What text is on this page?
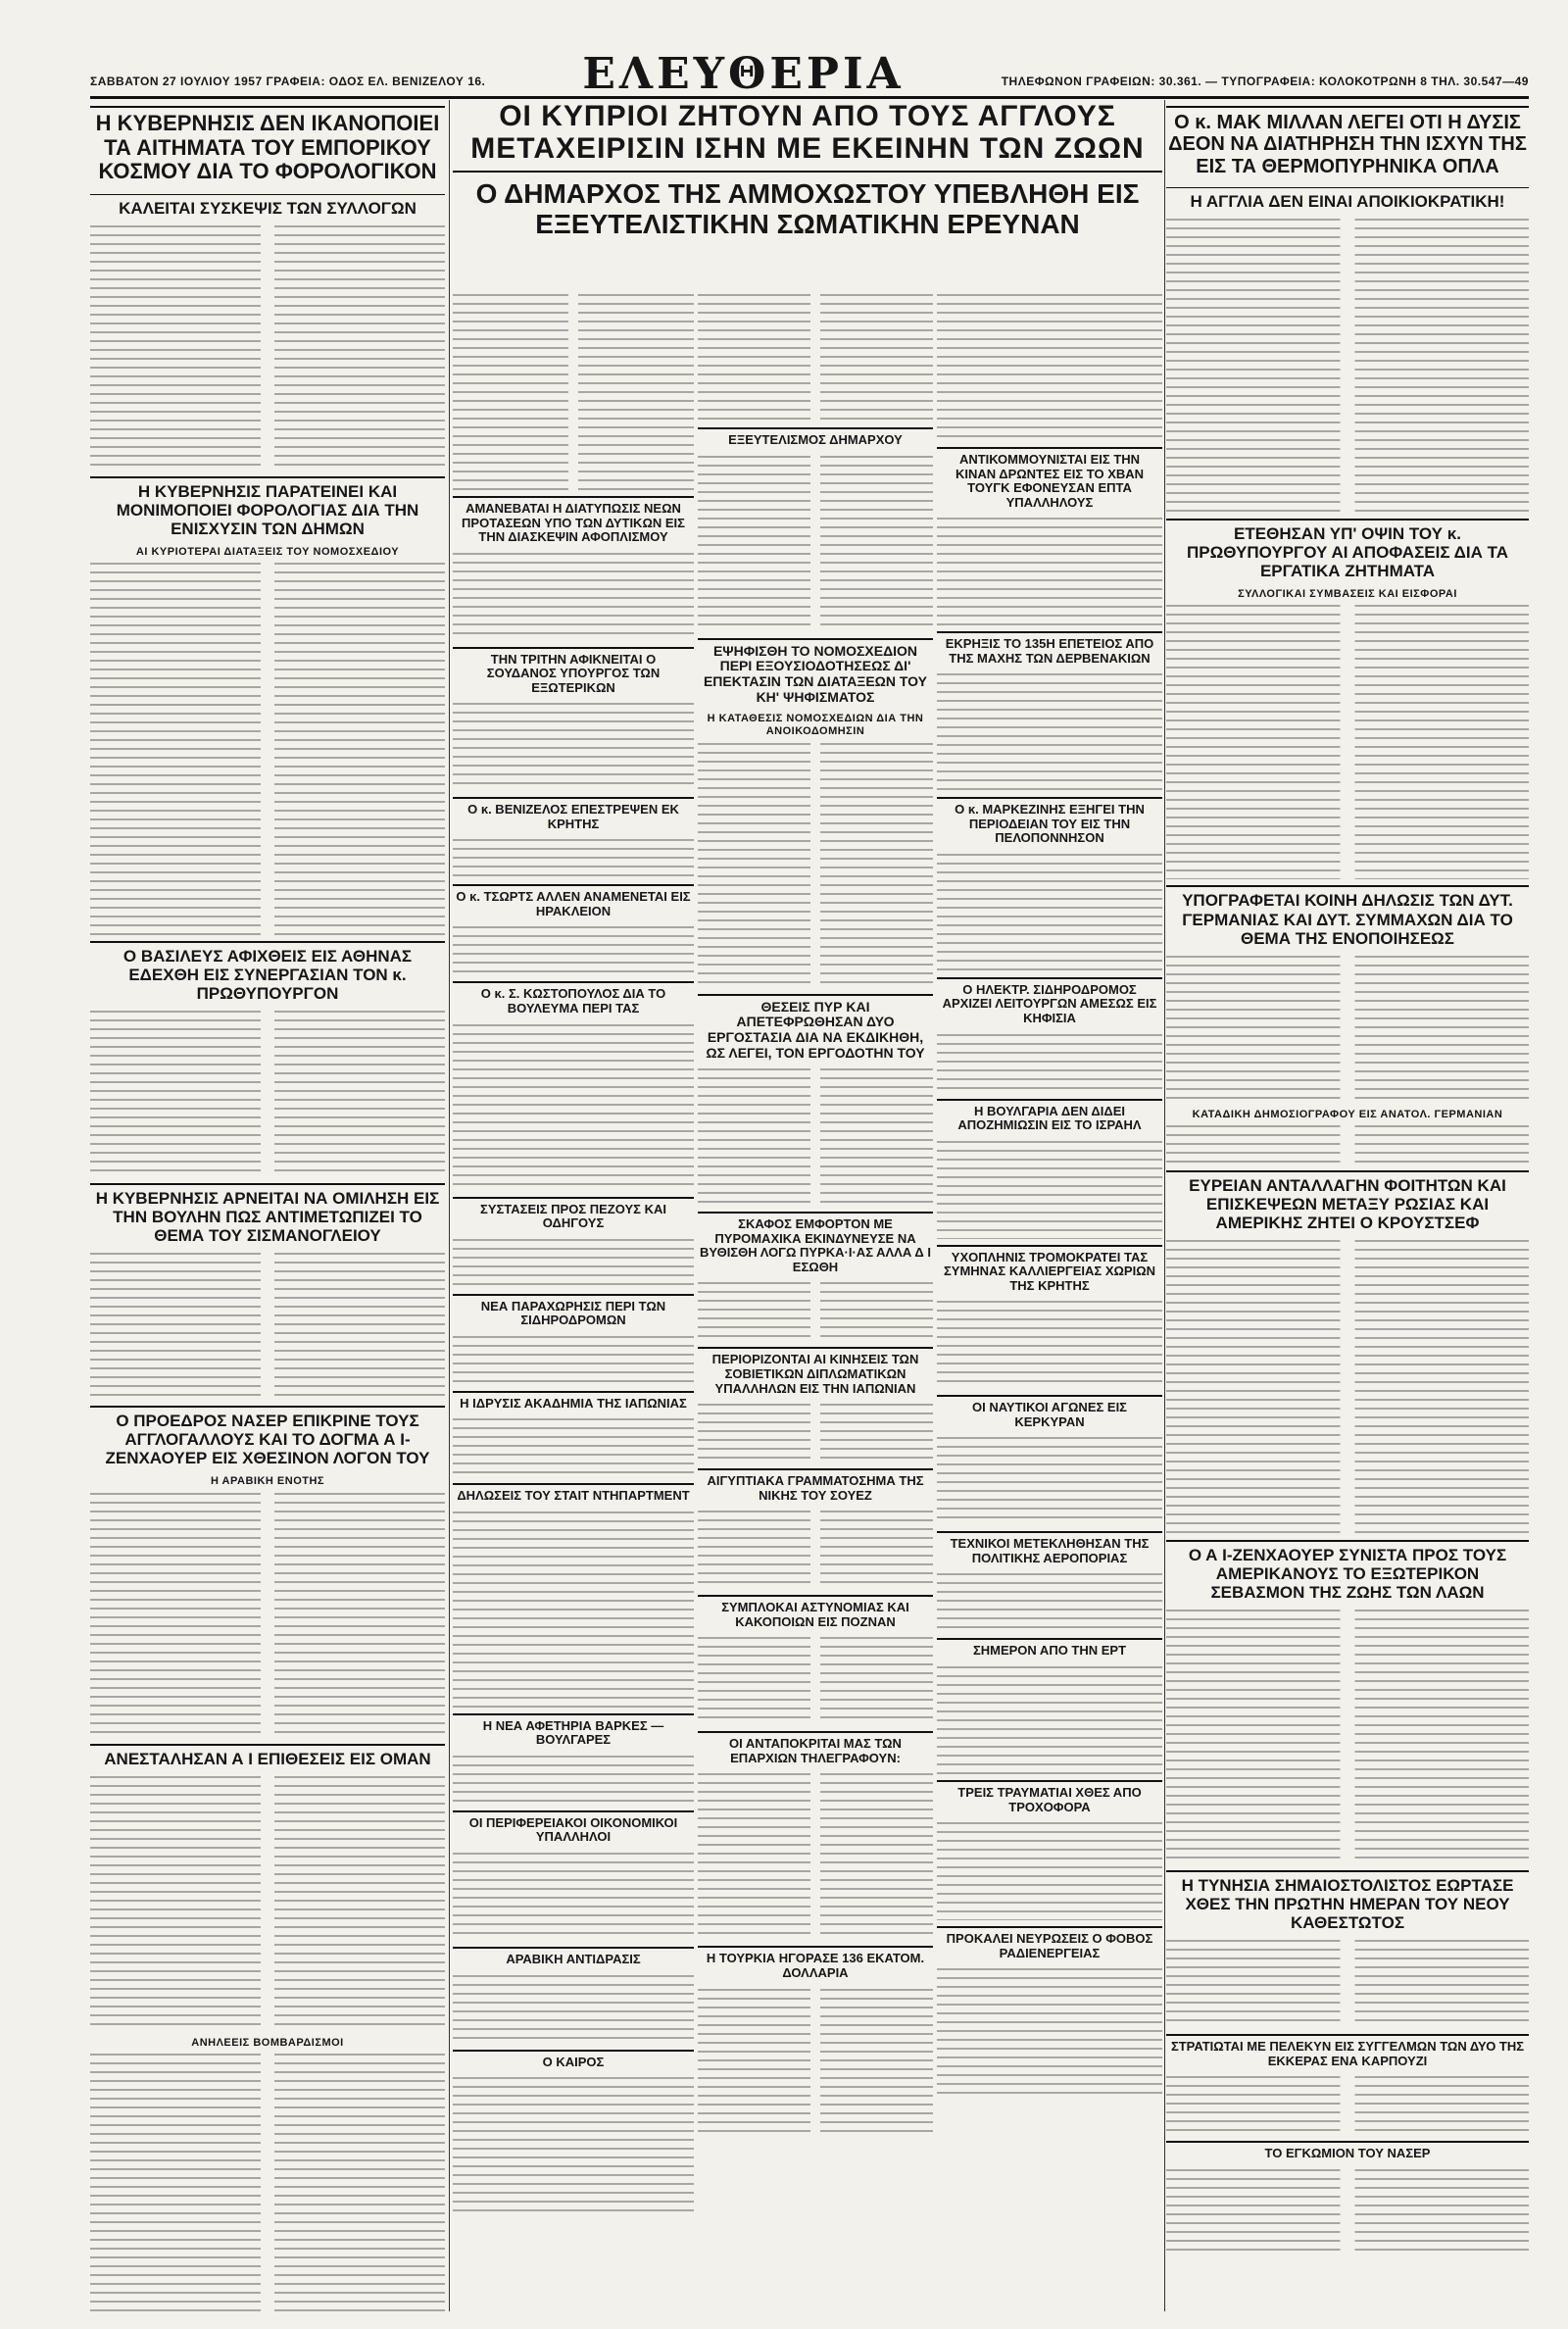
ΣΑΒΒΑΤΟΝ 27 ΙΟΥΛΙΟΥ 1957 ΓΡΑΦΕΙΑ: ΟΔΟΣ ΕΛ. ΒΕΝΙΖΕΛΟΥ 16. ΕΛΕΥΘΕΡΙΑ	ΤΗΛΕΦΩΝΟΝ ΓΡΑΦΕΙΩΝ: 30.361. — ΤΥΠΟΓΡΑΦΕΙΑ: ΚΟΛΟΚΟΤΡΩΝΗ 8 ΤΗΛ. 30.547—49
Η ΚΥΒΕΡΝΗΣΙΣ ΔΕΝ ΙΚΑΝΟΠΟΙΕΙ ΤΑ ΑΙΤΗΜΑΤΑ ΤΟΥ ΕΜΠΟΡΙΚΟΥ ΚΟΣΜΟΥ ΔΙΑ ΤΟ ΦΟΡΟΛΟΓΙΚΟΝ
ΚΑΛΕΙΤΑΙ ΣΥΣΚΕΨΙΣ ΤΩΝ ΣΥΛΛΟΓΩΝ
Η ΚΥΒΕΡΝΗΣΙΣ ΠΑΡΑΤΕΙΝΕΙ ΚΑΙ ΜΟΝΙΜΟΠΟΙΕΙ ΦΟΡΟΛΟΓΙΑΣ ΔΙΑ ΤΗΝ ΕΝΙΣΧΥΣΙΝ ΤΩΝ ΔΗΜΩΝ
ΑΙ ΚΥΡΙΟΤΕΡΑΙ ΔΙΑΤΑΞΕΙΣ ΤΟΥ ΝΟΜΟΣΧΕΔΙΟΥ
Ο ΒΑΣΙΛΕΥΣ ΑΦΙΧΘΕΙΣ ΕΙΣ ΑΘΗΝΑΣ ΕΔΕΧΘΗ ΕΙΣ ΣΥΝΕΡΓΑΣΙΑΝ ΤΟΝ κ. ΠΡΩΘΥΠΟΥΡΓΟΝ
Η ΚΥΒΕΡΝΗΣΙΣ ΑΡΝΕΙΤΑΙ ΝΑ ΟΜΙΛΗΣΗ ΕΙΣ ΤΗΝ ΒΟΥΛΗΝ ΠΩΣ ΑΝΤΙΜΕΤΩΠΙΖΕΙ ΤΟ ΘΕΜΑ ΤΟΥ ΣΙΣΜΑΝΟΓΛΕΙΟΥ
Ο ΠΡΟΕΔΡΟΣ ΝΑΣΕΡ ΕΠΙΚΡΙΝΕ ΤΟΥΣ ΑΓΓΛΟΓΑΛΛΟΥΣ ΚΑΙ ΤΟ ΔΟΓΜΑ Α Ι-ΖΕΝΧΑΟΥΕΡ ΕΙΣ ΧΘΕΣΙΝΟΝ ΛΟΓΟΝ ΤΟΥ
Η ΑΡΑΒΙΚΗ ΕΝΟΤΗΣ
ΑΝΕΣΤΑΛΗΣΑΝ Α Ι ΕΠΙΘΕΣΕΙΣ ΕΙΣ ΟΜΑΝ
ΑΝΗΛΕΕΙΣ ΒΟΜΒΑΡΔΙΣΜΟΙ
ΟΙ ΚΥΠΡΙΟΙ ΖΗΤΟΥΝ ΑΠΟ ΤΟΥΣ ΑΓΓΛΟΥΣ ΜΕΤΑΧΕΙΡΙΣΙΝ ΙΣΗΝ ΜΕ ΕΚΕΙΝΗΝ ΤΩΝ ΖΩΩΝ
Ο ΔΗΜΑΡΧΟΣ ΤΗΣ ΑΜΜΟΧΩΣΤΟΥ ΥΠΕΒΛΗΘΗ ΕΙΣ ΕΞΕΥΤΕΛΙΣΤΙΚΗΝ ΣΩΜΑΤΙΚΗΝ ΕΡΕΥΝΑΝ
ΑΜΑΝΕΒΑΤΑΙ Η ΔΙΑΤΥΠΩΣΙΣ ΝΕΩΝ ΠΡΟΤΑΣΕΩΝ ΥΠΟ ΤΩΝ ΔΥΤΙΚΩΝ ΕΙΣ ΤΗΝ ΔΙΑΣΚΕΨΙΝ ΑΦΟΠΛΙΣΜΟΥ
ΤΗΝ ΤΡΙΤΗΝ ΑΦΙΚΝΕΙΤΑΙ Ο ΣΟΥΔΑΝΟΣ ΥΠΟΥΡΓΟΣ ΤΩΝ ΕΞΩΤΕΡΙΚΩΝ
Ο κ. ΒΕΝΙΖΕΛΟΣ ΕΠΕΣΤΡΕΨΕΝ ΕΚ ΚΡΗΤΗΣ
Ο κ. ΤΣΩΡΤΣ ΑΛΛΕΝ ΑΝΑΜΕΝΕΤΑΙ ΕΙΣ ΗΡΑΚΛΕΙΟΝ
Ο κ. Σ. ΚΩΣΤΟΠΟΥΛΟΣ ΔΙΑ ΤΟ ΒΟΥΛΕΥΜΑ ΠΕΡΙ ΤΑΣ
ΣΥΣΤΑΣΕΙΣ ΠΡΟΣ ΠΕΖΟΥΣ ΚΑΙ ΟΔΗΓΟΥΣ
ΝΕΑ ΠΑΡΑΧΩΡΗΣΙΣ ΠΕΡΙ ΤΩΝ ΣΙΔΗΡΟΔΡΟΜΩΝ
Η ΙΔΡΥΣΙΣ ΑΚΑΔΗΜΙΑ ΤΗΣ ΙΑΠΩΝΙΑΣ
ΔΗΛΩΣΕΙΣ ΤΟΥ ΣΤΑΙΤ ΝΤΗΠΑΡΤΜΕΝΤ
Η ΝΕΑ ΑΦΕΤΗΡΙΑ ΒΑΡΚΕΣ — ΒΟΥΛΓΑΡΕΣ
ΟΙ ΠΕΡΙΦΕΡΕΙΑΚΟΙ ΟΙΚΟΝΟΜΙΚΟΙ ΥΠΑΛΛΗΛΟΙ
ΑΡΑΒΙΚΗ ΑΝΤΙΔΡΑΣΙΣ
Ο ΚΑΙΡΟΣ
ΕΞΕΥΤΕΛΙΣΜΟΣ ΔΗΜΑΡΧΟΥ
ΕΨΗΦΙΣΘΗ ΤΟ ΝΟΜΟΣΧΕΔΙΟΝ ΠΕΡΙ ΕΞΟΥΣΙΟΔΟΤΗΣΕΩΣ ΔΙ' ΕΠΕΚΤΑΣΙΝ ΤΩΝ ΔΙΑΤΑΞΕΩΝ ΤΟΥ ΚΗ' ΨΗΦΙΣΜΑΤΟΣ
Η ΚΑΤΑΘΕΣΙΣ ΝΟΜΟΣΧΕΔΙΩΝ ΔΙΑ ΤΗΝ ΑΝΟΙΚΟΔΟΜΗΣΙΝ
ΘΕΣΕΙΣ ΠΥΡ ΚΑΙ ΑΠΕΤΕΦΡΩΘΗΣΑΝ ΔΥΟ ΕΡΓΟΣΤΑΣΙΑ ΔΙΑ ΝΑ ΕΚΔΙΚΗΘΗ, ΩΣ ΛΕΓΕΙ, ΤΟΝ ΕΡΓΟΔΟΤΗΝ ΤΟΥ
ΣΚΑΦΟΣ ΕΜΦΟΡΤΟΝ ΜΕ ΠΥΡΟΜΑΧΙΚΑ ΕΚΙΝΔΥΝΕΥΣΕ ΝΑ ΒΥΘΙΣΘΗ ΛΟΓΩ ΠΥΡΚΑ·Ι·ΑΣ ΑΛΛΑ Δ Ι ΕΣΩΘΗ
ΠΕΡΙΟΡΙΖΟΝΤΑΙ ΑΙ ΚΙΝΗΣΕΙΣ ΤΩΝ ΣΟΒΙΕΤΙΚΩΝ ΔΙΠΛΩΜΑΤΙΚΩΝ ΥΠΑΛΛΗΛΩΝ ΕΙΣ ΤΗΝ ΙΑΠΩΝΙΑΝ
ΑΙΓΥΠΤΙΑΚΑ ΓΡΑΜΜΑΤΟΣΗΜΑ ΤΗΣ ΝΙΚΗΣ ΤΟΥ ΣΟΥΕΖ
ΣΥΜΠΛΟΚΑΙ ΑΣΤΥΝΟΜΙΑΣ ΚΑΙ ΚΑΚΟΠΟΙΩΝ ΕΙΣ ΠΟΖΝΑΝ
ΟΙ ΑΝΤΑΠΟΚΡΙΤΑΙ ΜΑΣ ΤΩΝ ΕΠΑΡΧΙΩΝ ΤΗΛΕΓΡΑΦΟΥΝ:
Η ΤΟΥΡΚΙΑ ΗΓΟΡΑΣΕ 136 ΕΚΑΤΟΜ. ΔΟΛΛΑΡΙΑ
ΑΝΤΙΚΟΜΜΟΥΝΙΣΤΑΙ ΕΙΣ ΤΗΝ ΚΙΝΑΝ ΔΡΩΝΤΕΣ ΕΙΣ ΤΟ ΧΒΑΝ ΤΟΥΓΚ ΕΦΟΝΕΥΣΑΝ ΕΠΤΑ ΥΠΑΛΛΗΛΟΥΣ
ΕΚΡΗΞΙΣ ΤΟ 135Η ΕΠΕΤΕΙΟΣ ΑΠΟ ΤΗΣ ΜΑΧΗΣ ΤΩΝ ΔΕΡΒΕΝΑΚΙΩΝ
Ο κ. ΜΑΡΚΕΖΙΝΗΣ ΕΞΗΓΕΙ ΤΗΝ ΠΕΡΙΟΔΕΙΑΝ ΤΟΥ ΕΙΣ ΤΗΝ ΠΕΛΟΠΟΝΝΗΣΟΝ
Ο ΗΛΕΚΤΡ. ΣΙΔΗΡΟΔΡΟΜΟΣ ΑΡΧΙΖΕΙ ΛΕΙΤΟΥΡΓΩΝ ΑΜΕΣΩΣ ΕΙΣ ΚΗΦΙΣΙΑ
Η ΒΟΥΛΓΑΡΙΑ ΔΕΝ ΔΙΔΕΙ ΑΠΟΖΗΜΙΩΣΙΝ ΕΙΣ ΤΟ ΙΣΡΑΗΛ
ΥΧΟΠΛΗΝΙΣ ΤΡΟΜΟΚΡΑΤΕΙ ΤΑΣ ΣΥΜΗΝΑΣ ΚΑΛΛΙΕΡΓΕΙΑΣ ΧΩΡΙΩΝ ΤΗΣ ΚΡΗΤΗΣ
ΟΙ ΝΑΥΤΙΚΟΙ ΑΓΩΝΕΣ ΕΙΣ ΚΕΡΚΥΡΑΝ
ΤΕΧΝΙΚΟΙ ΜΕΤΕΚΛΗΘΗΣΑΝ ΤΗΣ ΠΟΛΙΤΙΚΗΣ ΑΕΡΟΠΟΡΙΑΣ
ΣΗΜΕΡΟΝ ΑΠΟ ΤΗΝ ΕΡΤ
ΤΡΕΙΣ ΤΡΑΥΜΑΤΙΑΙ ΧΘΕΣ ΑΠΟ ΤΡΟΧΟΦΟΡΑ
ΠΡΟΚΑΛΕΙ ΝΕΥΡΩΣΕΙΣ Ο ΦΟΒΟΣ ΡΑΔΙΕΝΕΡΓΕΙΑΣ
Ο κ. ΜΑΚ ΜΙΛΛΑΝ ΛΕΓΕΙ ΟΤΙ Η ΔΥΣΙΣ ΔΕΟΝ ΝΑ ΔΙΑΤΗΡΗΣΗ ΤΗΝ ΙΣΧΥΝ ΤΗΣ ΕΙΣ ΤΑ ΘΕΡΜΟΠΥΡΗΝΙΚΑ ΟΠΛΑ
Η ΑΓΓΛΙΑ ΔΕΝ ΕΙΝΑΙ ΑΠΟΙΚΙΟΚΡΑΤΙΚΗ!
ΕΤΕΘΗΣΑΝ ΥΠ' ΟΨΙΝ ΤΟΥ κ. ΠΡΩΘΥΠΟΥΡΓΟΥ ΑΙ ΑΠΟΦΑΣΕΙΣ ΔΙΑ ΤΑ ΕΡΓΑΤΙΚΑ ΖΗΤΗΜΑΤΑ
ΣΥΛΛΟΓΙΚΑΙ ΣΥΜΒΑΣΕΙΣ ΚΑΙ ΕΙΣΦΟΡΑΙ
ΥΠΟΓΡΑΦΕΤΑΙ ΚΟΙΝΗ ΔΗΛΩΣΙΣ ΤΩΝ ΔΥΤ. ΓΕΡΜΑΝΙΑΣ ΚΑΙ ΔΥΤ. ΣΥΜΜΑΧΩΝ ΔΙΑ ΤΟ ΘΕΜΑ ΤΗΣ ΕΝΟΠΟΙΗΣΕΩΣ
ΚΑΤΑΔΙΚΗ ΔΗΜΟΣΙΟΓΡΑΦΟΥ ΕΙΣ ΑΝΑΤΟΛ. ΓΕΡΜΑΝΙΑΝ
ΕΥΡΕΙΑΝ ΑΝΤΑΛΛΑΓΗΝ ΦΟΙΤΗΤΩΝ ΚΑΙ ΕΠΙΣΚΕΨΕΩΝ ΜΕΤΑΞΥ ΡΩΣΙΑΣ ΚΑΙ ΑΜΕΡΙΚΗΣ ΖΗΤΕΙ Ο ΚΡΟΥΣΤΣΕΦ
Ο Α Ι-ΖΕΝΧΑΟΥΕΡ ΣΥΝΙΣΤΑ ΠΡΟΣ ΤΟΥΣ ΑΜΕΡΙΚΑΝΟΥΣ ΤΟ ΕΞΩΤΕΡΙΚΟΝ ΣΕΒΑΣΜΟΝ ΤΗΣ ΖΩΗΣ ΤΩΝ ΛΑΩΝ
Η ΤΥΝΗΣΙΑ ΣΗΜΑΙΟΣΤΟΛΙΣΤΟΣ ΕΩΡΤΑΣΕ ΧΘΕΣ ΤΗΝ ΠΡΩΤΗΝ ΗΜΕΡΑΝ ΤΟΥ ΝΕΟΥ ΚΑΘΕΣΤΩΤΟΣ
ΣΤΡΑΤΙΩΤΑΙ ΜΕ ΠΕΛΕΚΥΝ ΕΙΣ ΣΥΓΓΕΛΜΩΝ ΤΩΝ ΔΥΟ ΤΗΣ ΕΚΚΕΡΑΣ ΕΝΑ ΚΑΡΠΟΥΖΙ
ΤΟ ΕΓΚΩΜΙΟΝ ΤΟΥ ΝΑΣΕΡ
